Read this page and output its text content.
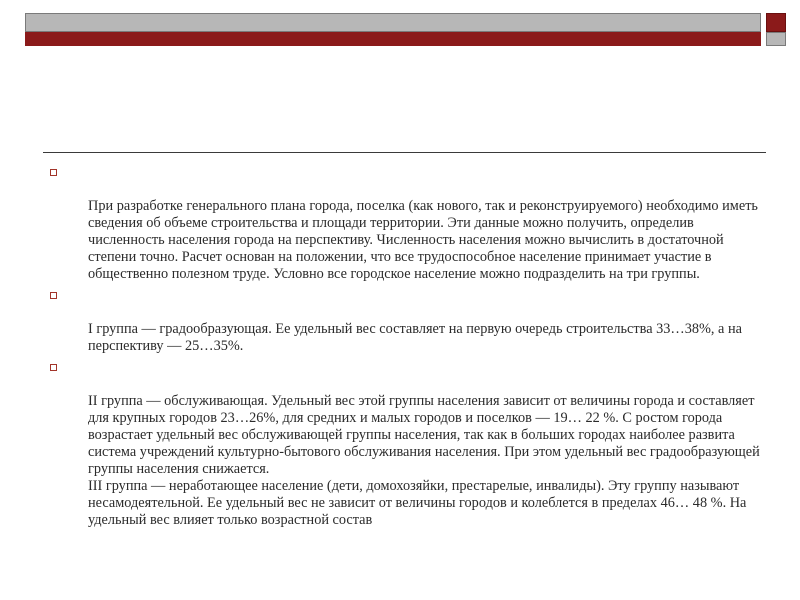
При разработке генерального плана города, поселка (как нового, так и реконструируемого) необходимо иметь сведения об объеме строительства и площади территории. Эти данные можно получить, определив численность населения города на перспективу. Численность населения можно вычислить в достаточной степени точно. Расчет основан на положении, что все трудоспособное население принимает участие в общественно полезном труде. Условно все городское население можно подразделить на три группы.

I группа — градообразующая. Ее удельный вес составляет на первую очередь строительства 33…38%, а на перспективу — 25…35%.

II группа — обслуживающая. Удельный вес этой группы населения зависит от величины города и составляет для крупных городов 23…26%, для средних и малых городов и поселков — 19… 22 %. С ростом города возрастает удельный вес обслуживающей группы населения, так как в больших городах наиболее развита система учреждений культурно-бытового обслуживания населения. При этом удельный вес градообразующей группы населения снижается.
III группа — неработающее население (дети, домохозяйки, престарелые, инвалиды). Эту группу называют несамодеятельной. Ее удельный вес не зависит от величины городов и колеблется в пределах 46… 48 %. На удельный вес влияет только возрастной состав
